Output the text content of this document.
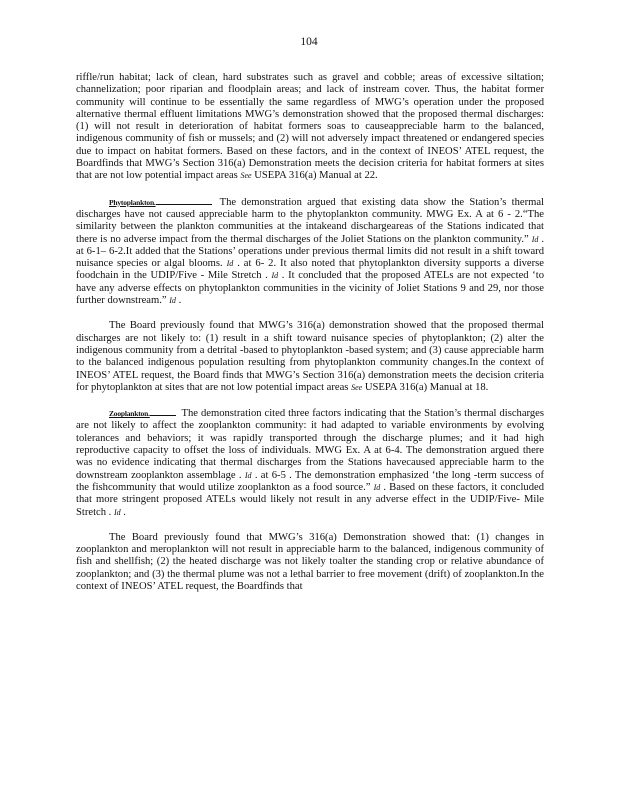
104

riffle/run habitat; lack of clean, hard substrates such as gravel and cobble; areas of excessive siltation; channelization; poor riparian and floodplain areas; and lack of instream cover. Thus, the habitat former community will continue to be essentially the same regardless of MWG’s operation under the proposed alternative thermal effluent limitations MWG’s demonstration showed that the proposed thermal discharges: (1) will not result in deterioration of habitat formers soas to causeappreciable harm to the balanced, indigenous community of fish or mussels; and (2) will not adversely impact threatened or endangered species due to impact on habitat formers. Based on these factors, and in the context of INEOS’ ATEL request, the Boardfinds that MWG’s Section 316(a) Demonstration meets the decision criteria for habitat formers at sites that are not low potential impact areas See USEPA 316(a) Manual at 22.

Phytoplankton.	The demonstration argued that existing data show the Station’s thermal discharges have not caused appreciable harm to the phytoplankton community. MWG Ex. A at 6 - 2.“The similarity between the plankton communities at the intakeand dischargeareas of the Stations indicated that there is no adverse impact from the thermal discharges of the Joliet Stations on the plankton community.” Id . at 6-1– 6-2.It added that the Stations’ operations under previous thermal limits did not result in a shift toward nuisance species or algal blooms. Id . at 6- 2. It also noted that phytoplankton diversity supports a diverse foodchain in the UDIP/Five - Mile Stretch . Id . It concluded that the proposed ATELs are not expected ‘to have any adverse effects on phytoplankton communities in the vicinity of Joliet Stations 9 and 29, nor those further downstream.” Id .

The Board previously found that MWG’s 316(a) demonstration showed that the proposed thermal discharges are not likely to: (1) result in a shift toward nuisance species of phytoplankton; (2) alter the indigenous community from a detrital -based to phytoplankton -based system; and (3) cause appreciable harm to the balanced indigenous population resulting from phytoplankton community changes.In the context of INEOS’ ATEL request, the Board finds that MWG’s Section 316(a) demonstration meets the decision criteria for phytoplankton at sites that are not low potential impact areas See USEPA 316(a) Manual at 18.

Zooplankton.	The demonstration cited three factors indicating that the Station’s thermal discharges are not likely to affect the zooplankton community: it had adapted to variable environments by evolving tolerances and behaviors; it was rapidly transported through the discharge plumes; and it had high reproductive capacity to offset the loss of individuals. MWG Ex. A at 6-4. The demonstration argued there was no evidence indicating that thermal discharges from the Stations havecaused appreciable harm to the downstream zooplankton assemblage . Id . at 6-5 . The demonstration emphasized ‘the long -term success of the fishcommunity that would utilize zooplankton as a food source.” Id . Based on these factors, it concluded that more stringent proposed ATELs would likely not result in any adverse effect in the UDIP/Five- Mile Stretch . Id .

The Board previously found that MWG’s 316(a) Demonstration showed that: (1) changes in zooplankton and meroplankton will not result in appreciable harm to the balanced, indigenous community of fish and shellfish; (2) the heated discharge was not likely toalter the standing crop or relative abundance of zooplankton; and (3) the thermal plume was not a lethal barrier to free movement (drift) of zooplankton.In the context of INEOS’ ATEL request, the Boardfinds that
